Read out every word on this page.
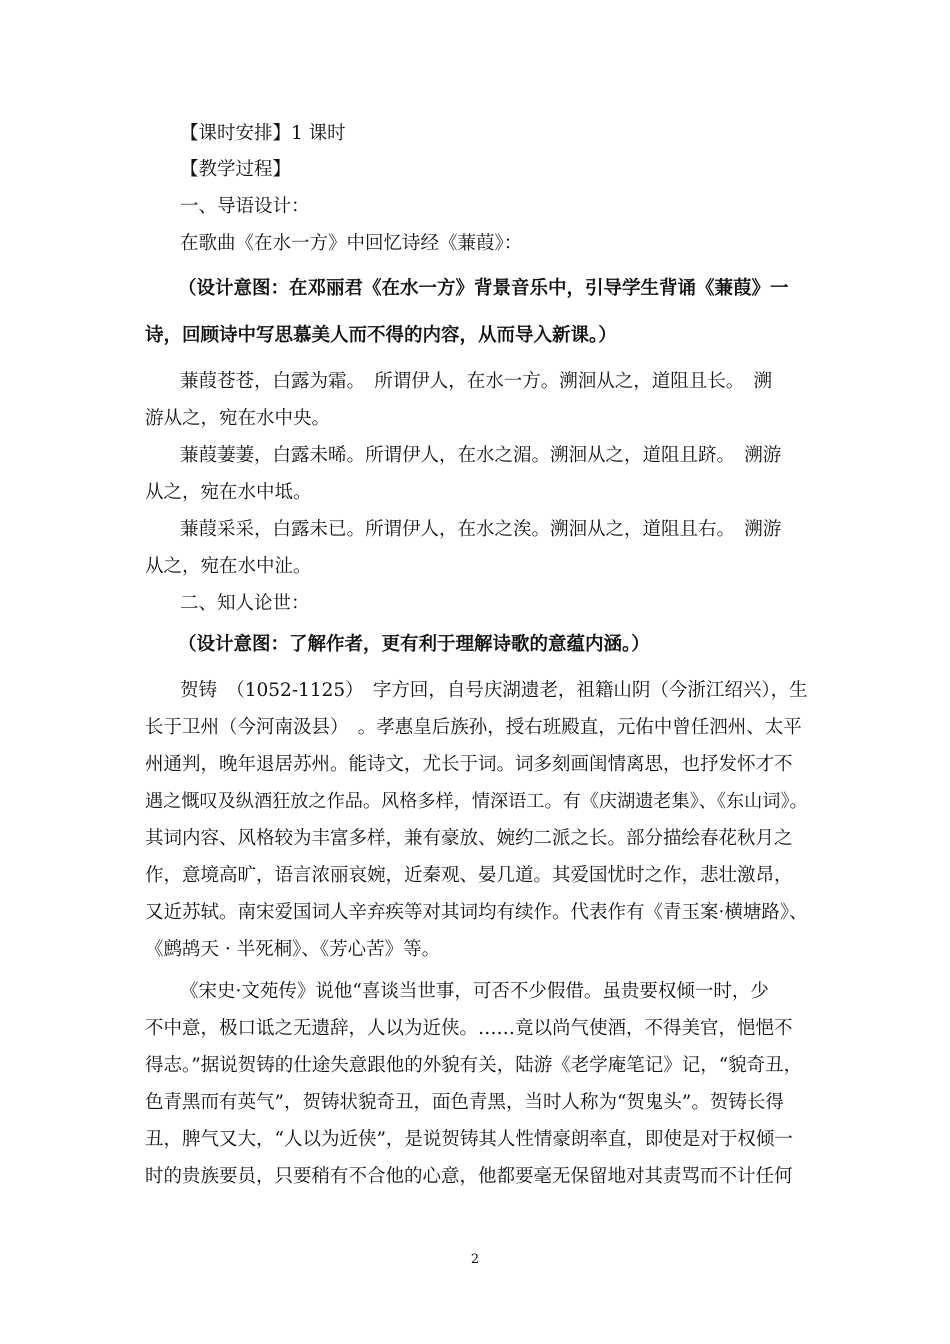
【课时安排】1 课时

【教学过程】

一、导语设计：

在歌曲《在水一方》中回忆诗经《蒹葭》：

（设计意图：在邓丽君《在水一方》背景音乐中，引导学生背诵《蒹葭》一

诗，回顾诗中写思慕美人而不得的内容，从而导入新课。）

蒹葭苍苍，白露为霜。　所谓伊人，在水一方。溯洄从之，道阻且长。　溯

游从之，宛在水中央。

蒹葭萋萋，白露未晞。所谓伊人，在水之湄。溯洄从之，道阻且跻。　溯游

从之，宛在水中坻。

蒹葭采采，白露未已。所谓伊人，在水之涘。溯洄从之，道阻且右。　溯游

从之，宛在水中沚。

二、知人论世：

（设计意图：了解作者，更有利于理解诗歌的意蕴内涵。）

贺铸　（1052-1125）　字方回，自号庆湖遗老，祖籍山阴（今浙江绍兴），生

长于卫州（今河南汲县）　。孝惠皇后族孙，授右班殿直，元佑中曾任泗州、太平

州通判，晚年退居苏州。能诗文，尤长于词。词多刻画闺情离思，也抒发怀才不

遇之慨叹及纵酒狂放之作品。风格多样，情深语工。有《庆湖遗老集》、《东山词》。

其词内容、风格较为丰富多样，兼有豪放、婉约二派之长。部分描绘春花秋月之

作，意境高旷，语言浓丽哀婉，近秦观、晏几道。其爱国忧时之作，悲壮激昂，

又近苏轼。南宋爱国词人辛弃疾等对其词均有续作。代表作有《青玉案·横塘路》、

《鹧鸪天 · 半死桐》、《芳心苦》等。

《宋史·文苑传》说他“喜谈当世事，可否不少假借。虽贵要权倾一时，少

不中意，极口诋之无遗辞，人以为近侠。……竟以尚气使酒，不得美官，悒悒不

得志。”据说贺铸的仕途失意跟他的外貌有关，陆游《老学庵笔记》记，“貌奇丑，

色青黑而有英气”，贺铸状貌奇丑，面色青黑，当时人称为“贺鬼头”。贺铸长得

丑，脾气又大，“人以为近侠”，是说贺铸其人性情豪朗率直，即使是对于权倾一

时的贵族要员，只要稍有不合他的心意，他都要毫无保留地对其责骂而不计任何

2
